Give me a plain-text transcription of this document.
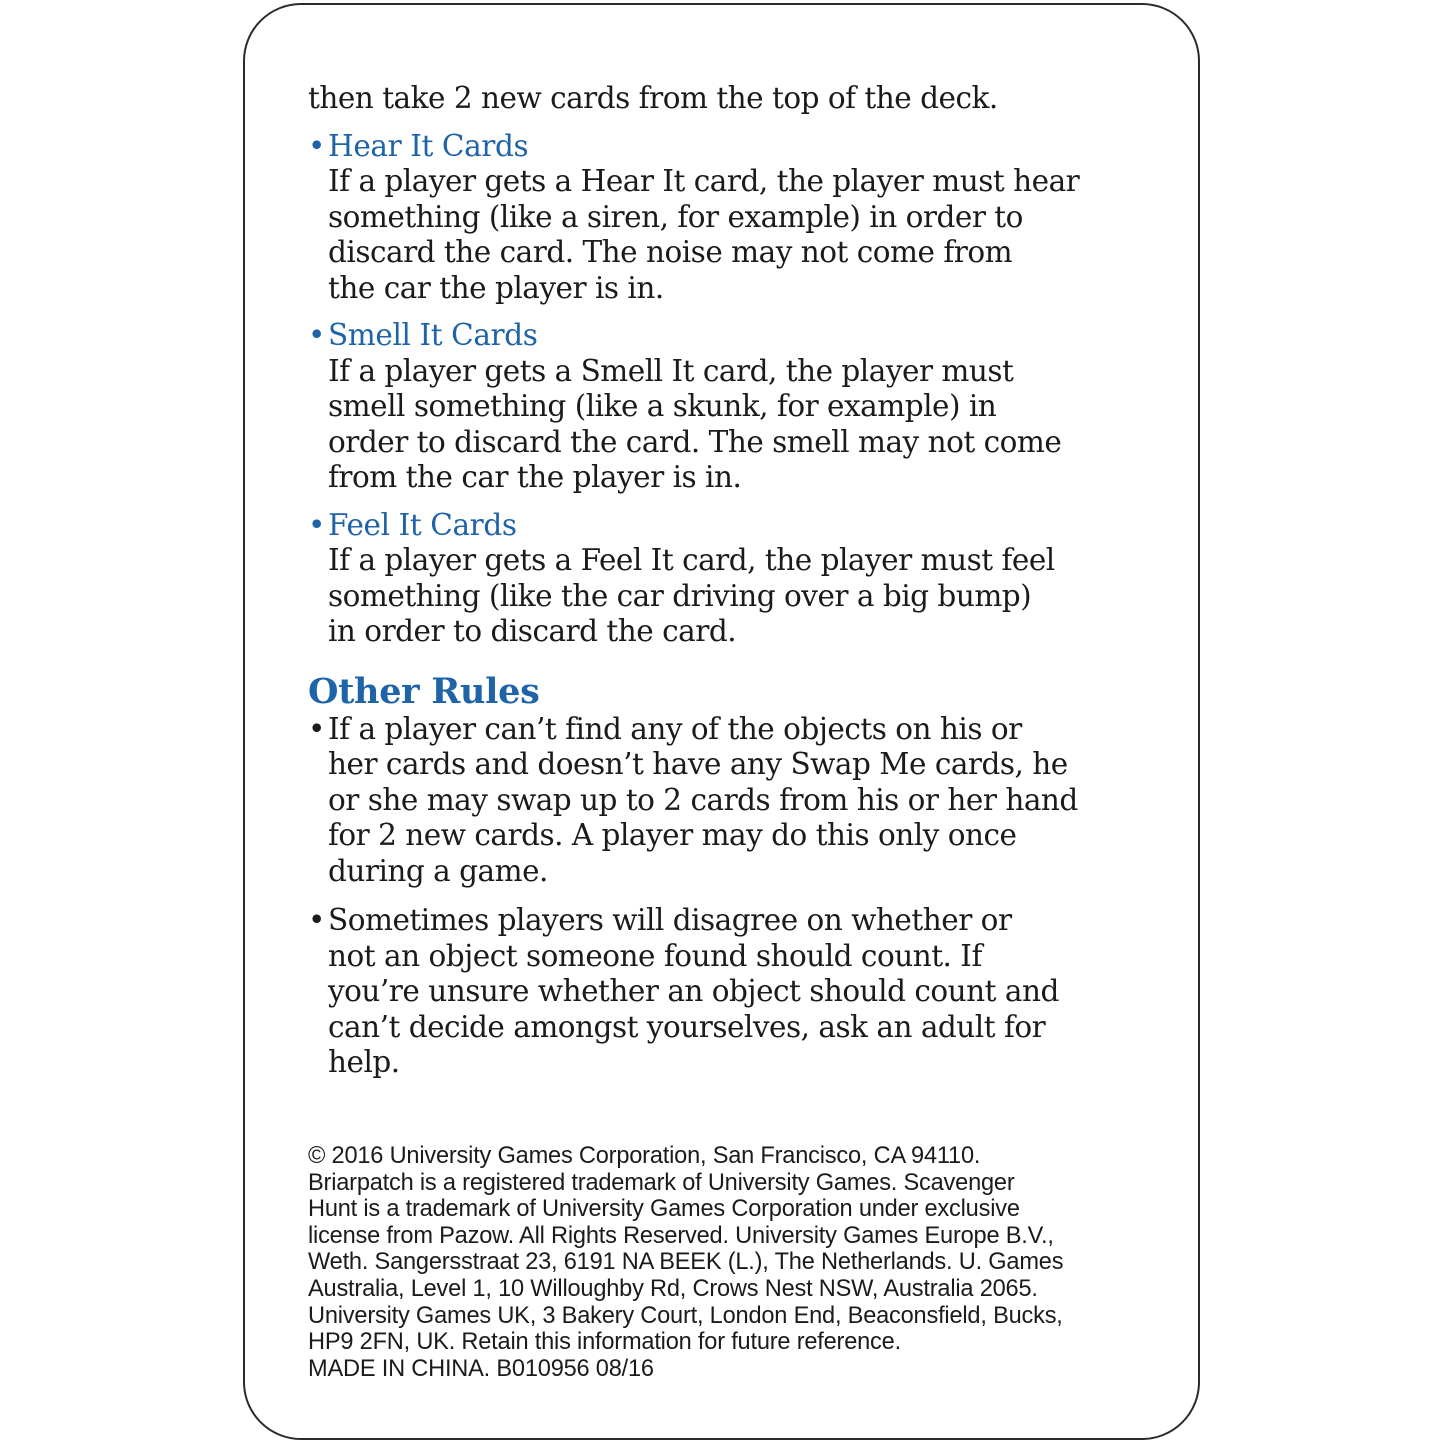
then take 2 new cards from the top of the deck.

• Hear It Cards
If a player gets a Hear It card, the player must hear
something (like a siren, for example) in order to
discard the card. The noise may not come from
the car the player is in.
• Smell It Cards
If a player gets a Smell It card, the player must
smell something (like a skunk, for example) in
order to discard the card. The smell may not come
from the car the player is in.
• Feel It Cards
If a player gets a Feel It card, the player must feel
something (like the car driving over a big bump)
in order to discard the card.
Other Rules
• If a player can’t find any of the objects on his or
her cards and doesn’t have any Swap Me cards, he
or she may swap up to 2 cards from his or her hand
for 2 new cards. A player may do this only once
during a game.
• Sometimes players will disagree on whether or
not an object someone found should count. If
you’re unsure whether an object should count and
can’t decide amongst yourselves, ask an adult for
help.
© 2016 University Games Corporation, San Francisco, CA 94110.
Briarpatch is a registered trademark of University Games. Scavenger
Hunt is a trademark of University Games Corporation under exclusive
license from Pazow. All Rights Reserved. University Games Europe B.V.,
Weth. Sangersstraat 23, 6191 NA BEEK (L.), The Netherlands. U. Games
Australia, Level 1, 10 Willoughby Rd, Crows Nest NSW, Australia 2065.
University Games UK, 3 Bakery Court, London End, Beaconsfield, Bucks,
HP9 2FN, UK. Retain this information for future reference.
MADE IN CHINA. B010956 08/16
